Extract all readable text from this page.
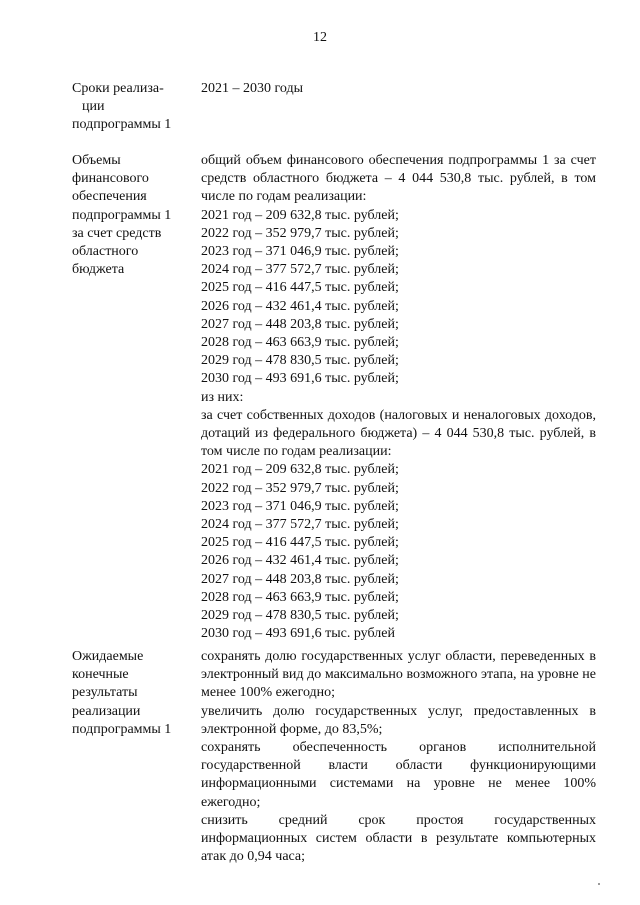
12
Сроки реализа-
ции
подпрограммы 1
2021 – 2030 годы
Объемы
финансового
обеспечения
подпрограммы 1
за счет средств
областного
бюджета
общий объем финансового обеспечения подпрограммы 1 за счет средств областного бюджета – 4 044 530,8 тыс. рублей, в том числе по годам реализации:
2021 год – 209 632,8 тыс. рублей;
2022 год – 352 979,7 тыс. рублей;
2023 год – 371 046,9 тыс. рублей;
2024 год – 377 572,7 тыс. рублей;
2025 год – 416 447,5 тыс. рублей;
2026 год – 432 461,4 тыс. рублей;
2027 год – 448 203,8 тыс. рублей;
2028 год – 463 663,9 тыс. рублей;
2029 год – 478 830,5 тыс. рублей;
2030 год – 493 691,6 тыс. рублей;
из них:
за счет собственных доходов (налоговых и неналоговых доходов, дотаций из федерального бюджета) – 4 044 530,8 тыс. рублей, в том числе по годам реализации:
2021 год – 209 632,8 тыс. рублей;
2022 год – 352 979,7 тыс. рублей;
2023 год – 371 046,9 тыс. рублей;
2024 год – 377 572,7 тыс. рублей;
2025 год – 416 447,5 тыс. рублей;
2026 год – 432 461,4 тыс. рублей;
2027 год – 448 203,8 тыс. рублей;
2028 год – 463 663,9 тыс. рублей;
2029 год – 478 830,5 тыс. рублей;
2030 год – 493 691,6 тыс. рублей
Ожидаемые
конечные
результаты
реализации
подпрограммы 1
сохранять долю государственных услуг области, переведенных в электронный вид до максимально возможного этапа, на уровне не менее 100% ежегодно;
увеличить долю государственных услуг, предоставленных в электронной форме, до 83,5%;
сохранять обеспеченность органов исполнительной государственной власти области функционирующими информационными системами на уровне не менее 100% ежегодно;
снизить средний срок простоя государственных информационных систем области в результате компьютерных атак до 0,94 часа;
